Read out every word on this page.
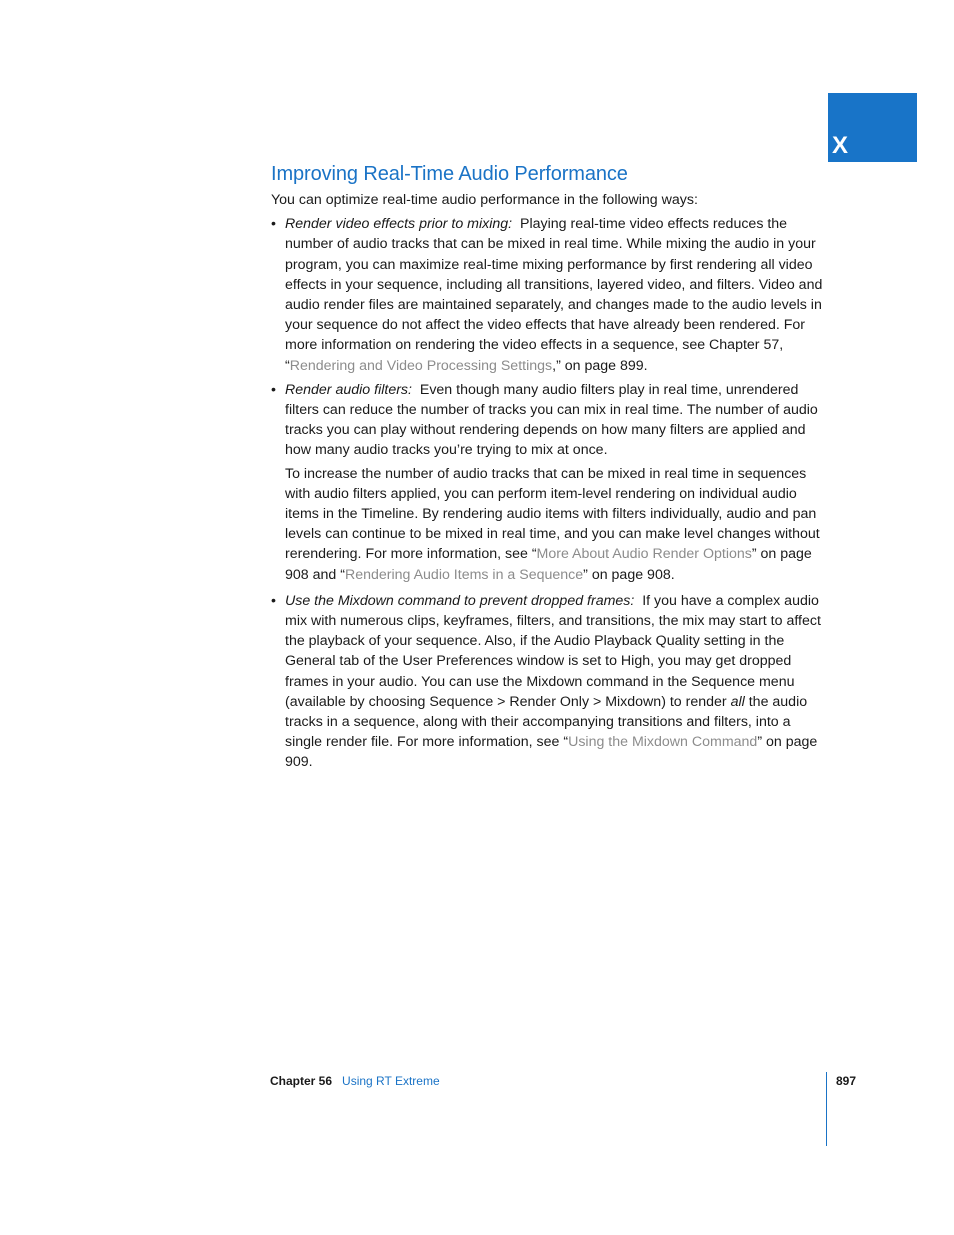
X
Improving Real-Time Audio Performance

You can optimize real-time audio performance in the following ways:

• Render video effects prior to mixing: Playing real-time video effects reduces the number of audio tracks that can be mixed in real time. While mixing the audio in your program, you can maximize real-time mixing performance by first rendering all video effects in your sequence, including all transitions, layered video, and filters. Video and audio render files are maintained separately, and changes made to the audio levels in your sequence do not affect the video effects that have already been rendered. For more information on rendering the video effects in a sequence, see Chapter 57, “Rendering and Video Processing Settings,” on page 899.
• Render audio filters: Even though many audio filters play in real time, unrendered filters can reduce the number of tracks you can mix in real time. The number of audio tracks you can play without rendering depends on how many filters are applied and how many audio tracks you’re trying to mix at once.

To increase the number of audio tracks that can be mixed in real time in sequences with audio filters applied, you can perform item-level rendering on individual audio items in the Timeline. By rendering audio items with filters individually, audio and pan levels can continue to be mixed in real time, and you can make level changes without rerendering. For more information, see “More About Audio Render Options” on page 908 and “Rendering Audio Items in a Sequence” on page 908.

• Use the Mixdown command to prevent dropped frames: If you have a complex audio mix with numerous clips, keyframes, filters, and transitions, the mix may start to affect the playback of your sequence. Also, if the Audio Playback Quality setting in the General tab of the User Preferences window is set to High, you may get dropped frames in your audio. You can use the Mixdown command in the Sequence menu (available by choosing Sequence > Render Only > Mixdown) to render all the audio tracks in a sequence, along with their accompanying transitions and filters, into a single render file. For more information, see “Using the Mixdown Command” on page 909.
Chapter 56 Using RT Extreme	897
